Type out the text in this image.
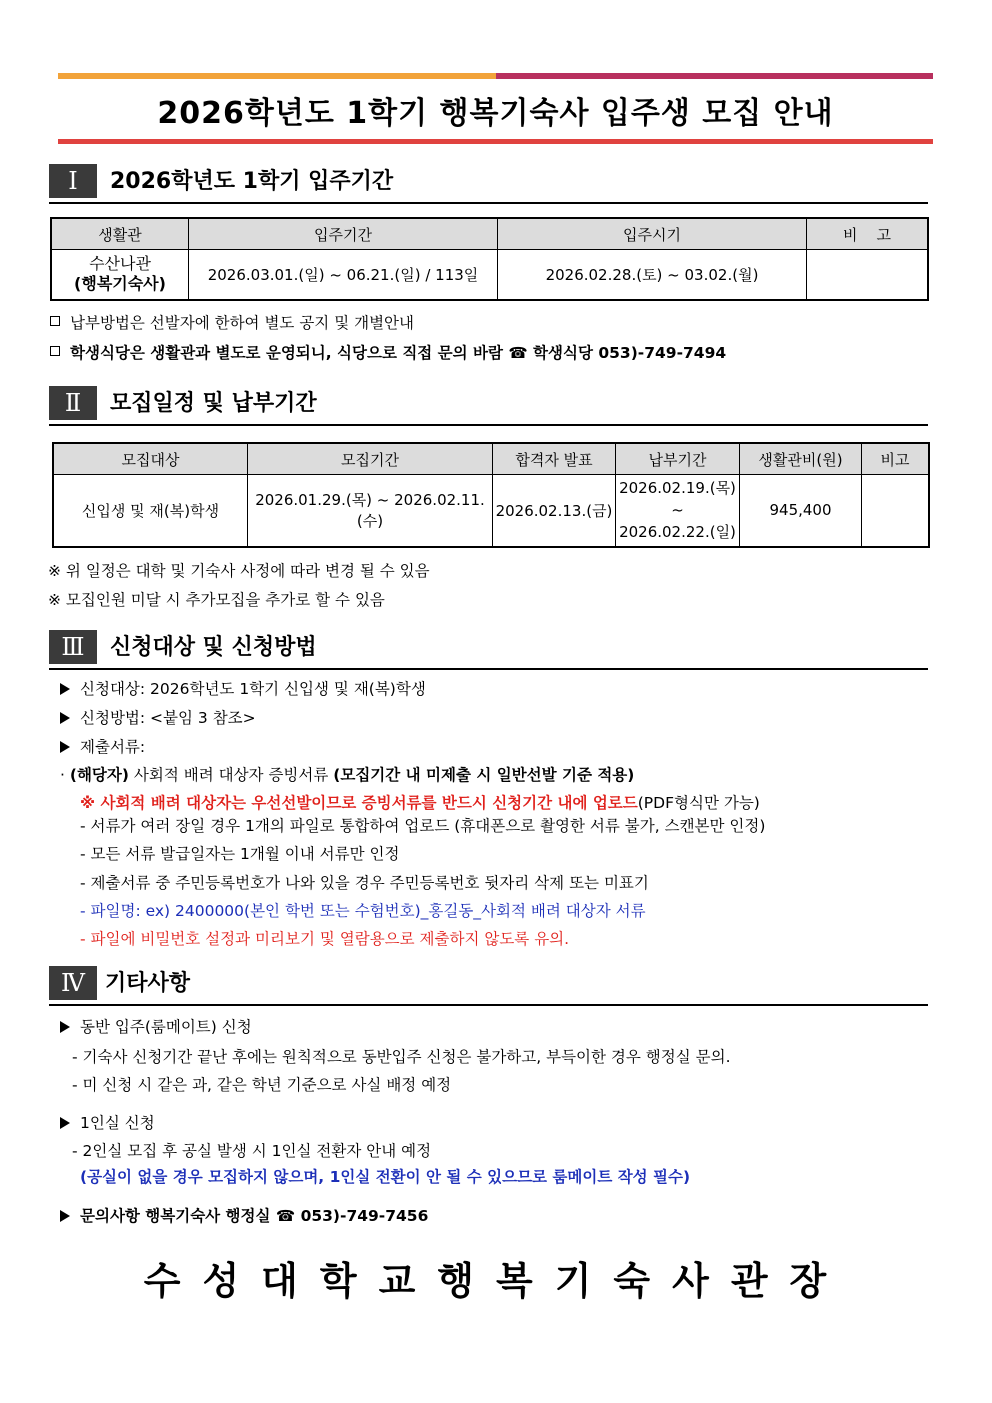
2026학년도 1학기 행복기숙사 입주생 모집 안내
Ⅰ	2026학년도 1학기 입주기간
생활관	입주기간	입주시기	비    고

수산나관
(행복기숙사)	2026.03.01.(일) ~ 06.21.(일) / 113일	2026.02.28.(토) ~ 03.02.(월)	
납부방법은 선발자에 한하여 별도 공지 및 개별안내
학생식당은 생활관과 별도로 운영되니, 식당으로 직접 문의 바람 ☎ 학생식당 053)-749-7494
Ⅱ	모집일정 및 납부기간
모집대상	모집기간	합격자 발표	납부기간	생활관비(원)	비고
신입생 및 재(복)학생	2026.01.29.(목) ~ 2026.02.11.(수)	2026.02.13.(금)	2026.02.19.(목)
~
2026.02.22.(일)	945,400	
※ 위 일정은 대학 및 기숙사 사정에 따라 변경 될 수 있음
※ 모집인원 미달 시 추가모집을 추가로 할 수 있음
Ⅲ	신청대상 및 신청방법
신청대상: 2026학년도 1학기 신입생 및 재(복)학생
신청방법: <붙임 3 참조>
제출서류:
· (해당자) 사회적 배려 대상자 증빙서류 (모집기간 내 미제출 시 일반선발 기준 적용)
※ 사회적 배려 대상자는 우선선발이므로 증빙서류를 반드시 신청기간 내에 업로드(PDF형식만 가능)
- 서류가 여러 장일 경우 1개의 파일로 통합하여 업로드 (휴대폰으로 촬영한 서류 불가, 스캔본만 인정)
- 모든 서류 발급일자는 1개월 이내 서류만 인정
- 제출서류 중 주민등록번호가 나와 있을 경우 주민등록번호 뒷자리 삭제 또는 미표기
- 파일명: ex) 2400000(본인 학번 또는 수험번호)_홍길동_사회적 배려 대상자 서류
- 파일에 비밀번호 설정과 미리보기 및 열람용으로 제출하지 않도록 유의.
Ⅳ 기타사항
동반 입주(룸메이트) 신청
- 기숙사 신청기간 끝난 후에는 원칙적으로 동반입주 신청은 불가하고, 부득이한 경우 행정실 문의.
- 미 신청 시 같은 과, 같은 학년 기준으로 사실 배정 예정
1인실 신청
- 2인실 모집 후 공실 발생 시 1인실 전환자 안내 예정
(공실이 없을 경우 모집하지 않으며, 1인실 전환이 안 될 수 있으므로 룸메이트 작성 필수)
문의사항 행복기숙사 행정실 ☎ 053)-749-7456
수성대학교행복기숙사관장
